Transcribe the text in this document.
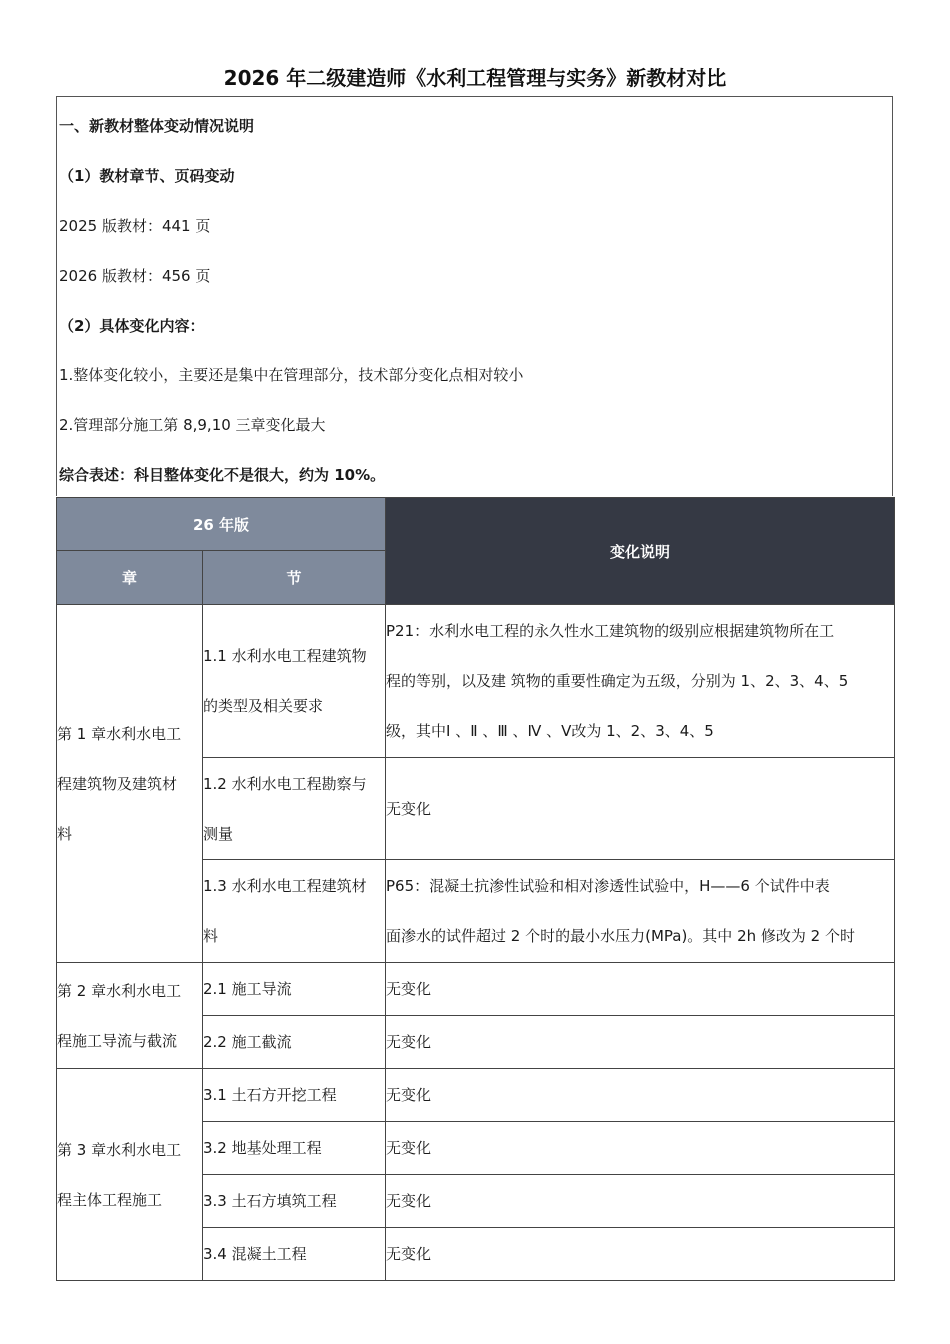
2026 年二级建造师《水利工程管理与实务》新教材对比

一、新教材整体变动情况说明

（1）教材章节、页码变动

2025 版教材：441 页

2026 版教材：456 页

（2）具体变化内容：

1.整体变化较小，主要还是集中在管理部分，技术部分变化点相对较小

2.管理部分施工第 8,9,10 三章变化最大

综合表述：科目整体变化不是很大，约为 10%。

26 年版		变化说明
章	节	

第 1 章水利水电工
程建筑物及建筑材
料	1.1 水利水电工程建筑物
的类型及相关要求	P21：水利水电工程的永久性水工建筑物的级别应根据建筑物所在工
程的等别，以及建 筑物的重要性确定为五级，分别为 1、2、3、4、5
级，其中Ⅰ 、Ⅱ 、Ⅲ 、Ⅳ 、Ⅴ改为 1、2、3、4、5

	1.2 水利水电工程勘察与
测量	无变化

	1.3 水利水电工程建筑材
料	P65：混凝土抗渗性试验和相对渗透性试验中，H——6 个试件中表
面渗水的试件超过 2 个时的最小水压力(MPa)。其中 2h 修改为 2 个时

第 2 章水利水电工
程施工导流与截流	2.1 施工导流	无变化

	2.2 施工截流	无变化

第 3 章水利水电工
程主体工程施工	3.1 土石方开挖工程	无变化

	3.2 地基处理工程	无变化

	3.3 土石方填筑工程	无变化

	3.4 混凝土工程	无变化
